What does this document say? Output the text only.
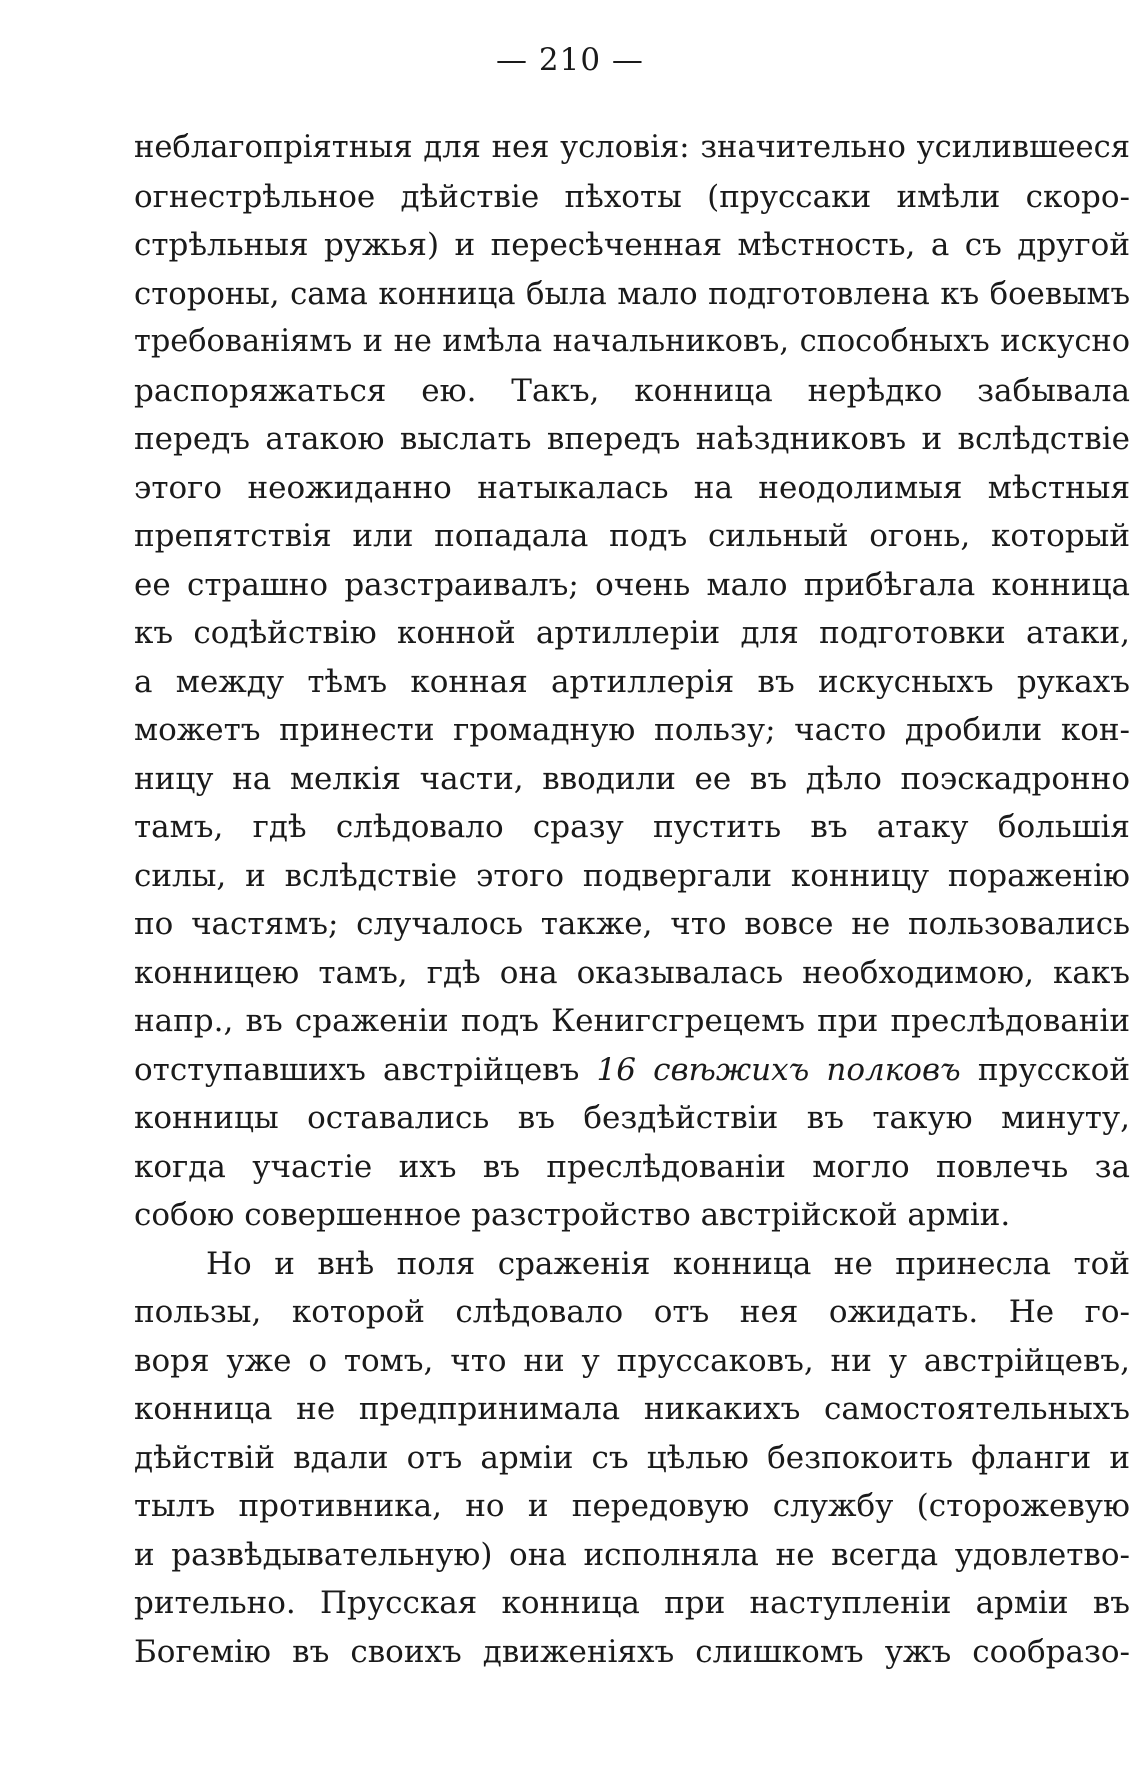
— 210 —
неблагопріятныя для нея условія: значительно усилившееся
огнестрѣльное дѣйствіе пѣхоты (пруссаки имѣли скоро-
стрѣльныя ружья) и пересѣченная мѣстность, а съ другой
стороны, сама конница была мало подготовлена къ боевымъ
требованіямъ и не имѣла начальниковъ, способныхъ искусно
распоряжаться ею. Такъ, конница нерѣдко забывала
передъ атакою выслать впередъ наѣздниковъ и вслѣдствіе
этого неожиданно натыкалась на неодолимыя мѣстныя
препятствія или попадала подъ сильный огонь, который
ее страшно разстраивалъ; очень мало прибѣгала конница
къ содѣйствію конной артиллеріи для подготовки атаки,
а между тѣмъ конная артиллерія въ искусныхъ рукахъ
можетъ принести громадную пользу; часто дробили кон-
ницу на мелкія части, вводили ее въ дѣло поэскадронно
тамъ, гдѣ слѣдовало сразу пустить въ атаку большія
силы, и вслѣдствіе этого подвергали конницу пораженію
по частямъ; случалось также, что вовсе не пользовались
конницею тамъ, гдѣ она оказывалась необходимою, какъ
напр., въ сраженіи подъ Кенигсгрецемъ при преслѣдованіи
отступавшихъ австрійцевъ 16 свѣжихъ полковъ прусской
конницы оставались въ бездѣйствіи въ такую минуту,
когда участіе ихъ въ преслѣдованіи могло повлечь за
собою совершенное разстройство австрійской арміи.
Но и внѣ поля сраженія конница не принесла той
пользы, которой слѣдовало отъ нея ожидать. Не го-
воря уже о томъ, что ни у пруссаковъ, ни у австрійцевъ,
конница не предпринимала никакихъ самостоятельныхъ
дѣйствій вдали отъ арміи съ цѣлью безпокоить фланги и
тылъ противника, но и передовую службу (сторожевую
и развѣдывательную) она исполняла не всегда удовлетво-
рительно. Прусская конница при наступленіи арміи въ
Богемію въ своихъ движеніяхъ слишкомъ ужъ сообразо-
